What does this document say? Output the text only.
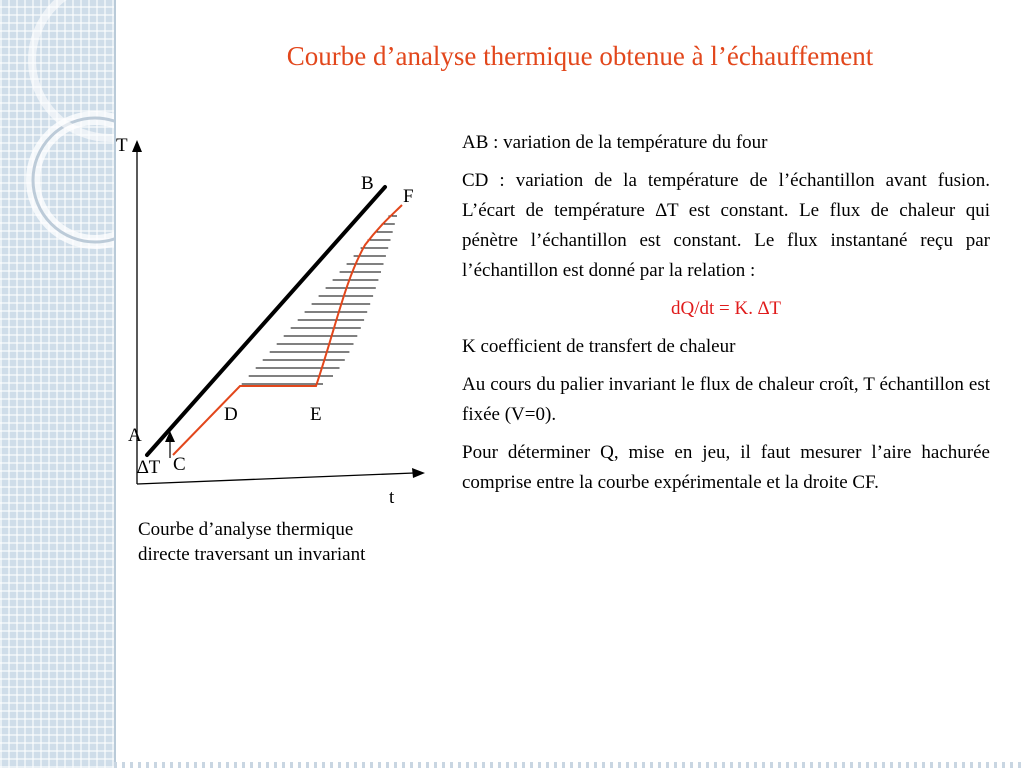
Courbe d’analyse thermique obtenue à l’échauffement
T
t
A
B
C
D	E
F
∆T
Courbe d’analyse thermique directe traversant un invariant

AB : variation de la température du four

CD : variation de la température de l’échantillon avant fusion. L’écart de température ∆T est constant. Le flux de chaleur qui pénètre l’échantillon est constant. Le flux instantané reçu par l’échantillon est donné par la relation :

dQ/dt = K. ∆T

K coefficient de transfert de chaleur

Au cours du palier invariant le flux de chaleur croît, T échantillon est fixée (V=0).

Pour déterminer Q, mise en jeu, il faut mesurer l’aire hachurée comprise entre la courbe expérimentale et la droite CF.
